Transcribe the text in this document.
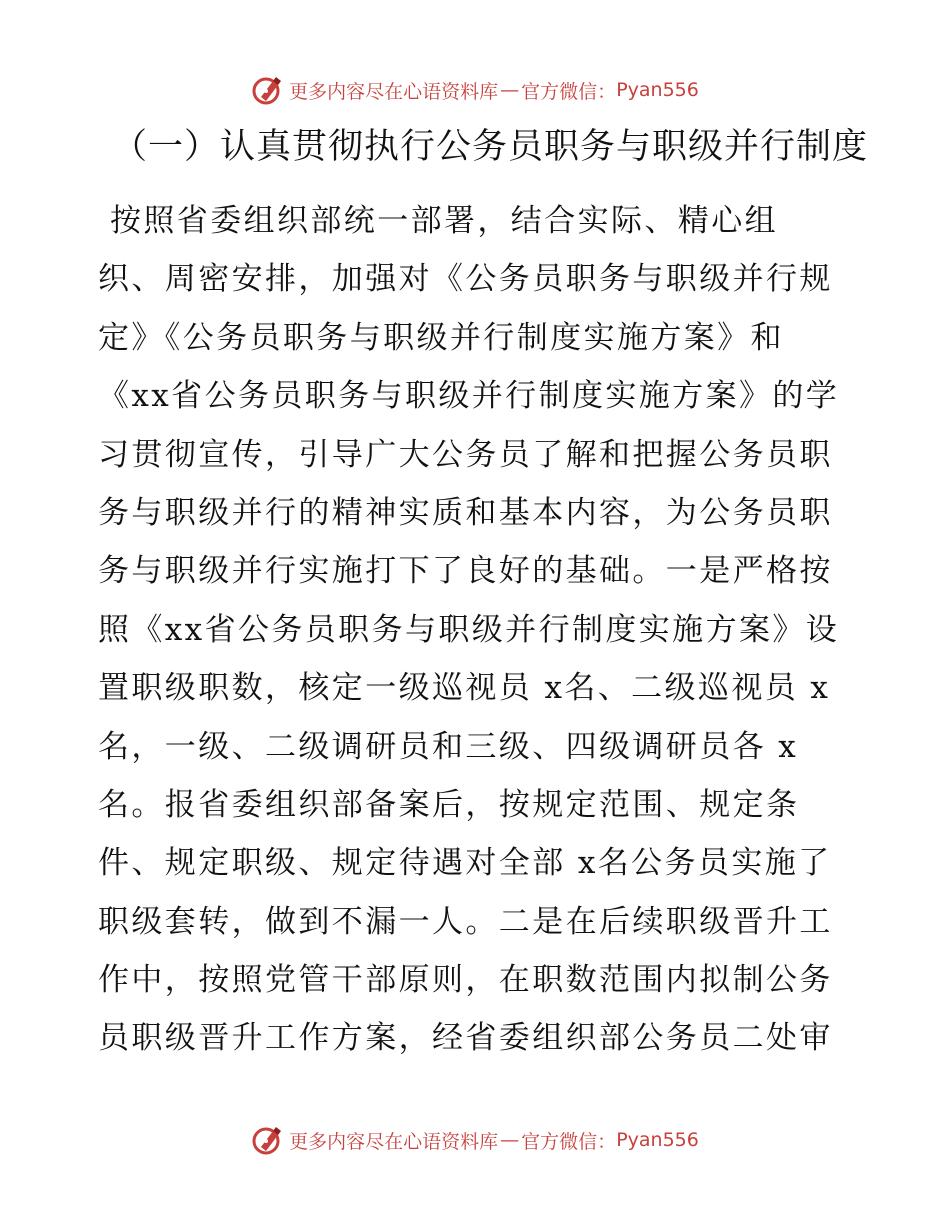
更多内容尽在心语资料库 — 官方微信： Pyan556
（一）认真贯彻执行公务员职务与职级并行制度
按照省委组织部统一部署，结合实际、精心组
织、周密安排，加强对《公务员职务与职级并行规
定》《公务员职务与职级并行制度实施方案》和
《xx省公务员职务与职级并行制度实施方案》的学
习贯彻宣传，引导广大公务员了解和把握公务员职
务与职级并行的精神实质和基本内容，为公务员职
务与职级并行实施打下了良好的基础。一是严格按
照《xx省公务员职务与职级并行制度实施方案》设
置职级职数，核定一级巡视员 x名、二级巡视员 x
名，一级、二级调研员和三级、四级调研员各 x
名。报省委组织部备案后，按规定范围、规定条
件、规定职级、规定待遇对全部 x名公务员实施了
职级套转，做到不漏一人。二是在后续职级晋升工
作中，按照党管干部原则，在职数范围内拟制公务
员职级晋升工作方案，经省委组织部公务员二处审
更多内容尽在心语资料库 — 官方微信： Pyan556
